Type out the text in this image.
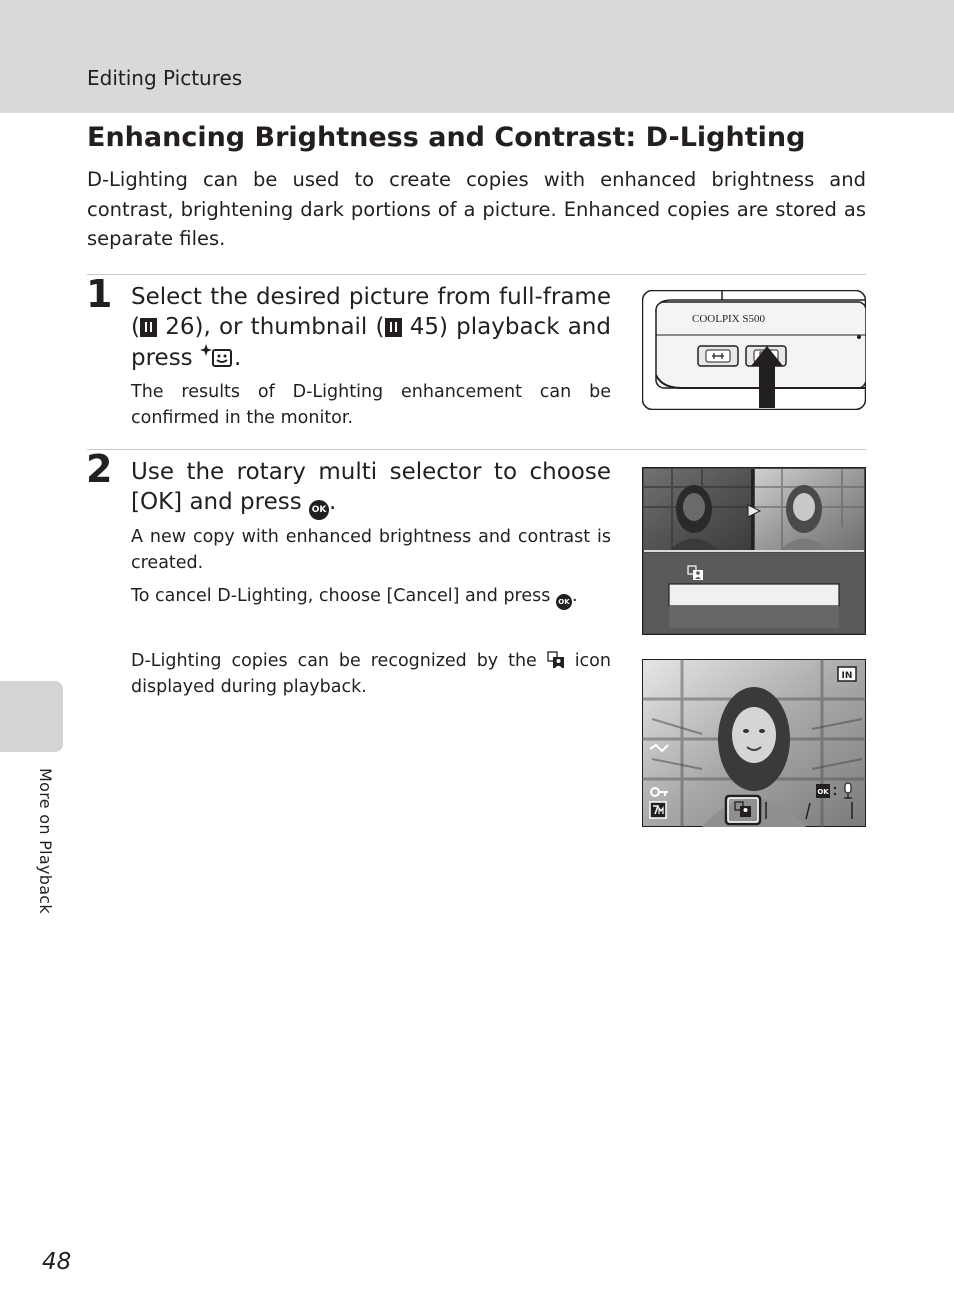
Editing Pictures
More on Playback
Enhancing Brightness and Contrast: D-Lighting

D-Lighting can be used to create copies with enhanced brightness and contrast, brightening dark portions of a picture. Enhanced copies are stored as separate files.

1 Select the desired picture from full-frame ( 26), or thumbnail ( 45) playback and press .

The results of D-Lighting enhancement can be confirmed in the monitor.

COOLPIX S500
2 Use the rotary multi selector to choose [OK] and press OK .

A new copy with enhanced brightness and contrast is created.

To cancel D-Lighting, choose [Cancel] and press OK .

D-Lighting copies can be recognized by the icon displayed during playback.

IN
OK
48
